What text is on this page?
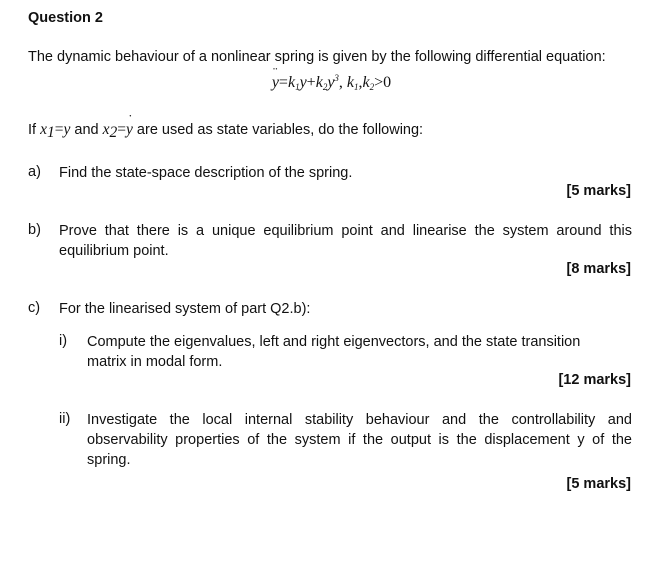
Question 2
The dynamic behaviour of a nonlinear spring is given by the following differential equation:
¨ $y=k_1y+k_2y^3$, $k_1,k_2>0$
If $x_1=y$ and $x_2=˙$ y are used as state variables, do the following:
a) Find the state-space description of the spring.
[5 marks]
b) Prove that there is a unique equilibrium point and linearise the system around this equilibrium point.
[8 marks]
c) For the linearised system of part Q2.b):
i) Compute the eigenvalues, left and right eigenvectors, and the state transition matrix in modal form.
[12 marks]
ii) Investigate the local internal stability behaviour and the controllability and observability properties of the system if the output is the displacement y of the spring.
[5 marks]
